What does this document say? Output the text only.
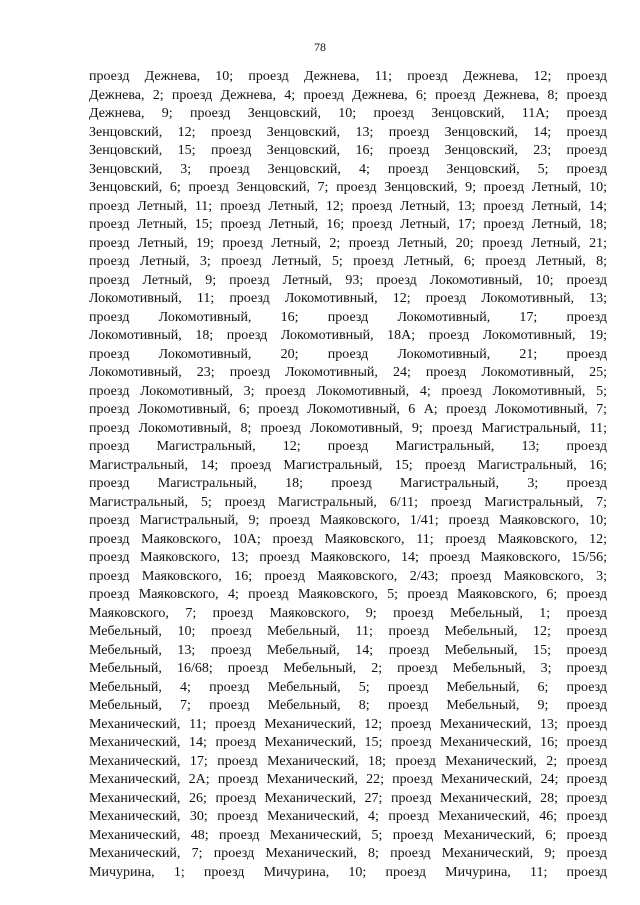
78
проезд Дежнева, 10; проезд Дежнева, 11; проезд Дежнева, 12; проезд
Дежнева, 2; проезд Дежнева, 4; проезд Дежнева, 6; проезд Дежнева, 8; проезд
Дежнева, 9; проезд Зенцовский, 10; проезд Зенцовский, 11А; проезд
Зенцовский, 12; проезд Зенцовский, 13; проезд Зенцовский, 14; проезд
Зенцовский, 15; проезд Зенцовский, 16; проезд Зенцовский, 23; проезд
Зенцовский, 3; проезд Зенцовский, 4; проезд Зенцовский, 5; проезд
Зенцовский, 6; проезд Зенцовский, 7; проезд Зенцовский, 9; проезд Летный, 10;
проезд Летный, 11; проезд Летный, 12; проезд Летный, 13; проезд Летный, 14;
проезд Летный, 15; проезд Летный, 16; проезд Летный, 17; проезд Летный, 18;
проезд Летный, 19; проезд Летный, 2; проезд Летный, 20; проезд Летный, 21;
проезд Летный, 3; проезд Летный, 5; проезд Летный, 6; проезд Летный, 8;
проезд Летный, 9; проезд Летный, 93; проезд Локомотивный, 10; проезд
Локомотивный, 11; проезд Локомотивный, 12; проезд Локомотивный, 13;
проезд Локомотивный, 16; проезд Локомотивный, 17; проезд
Локомотивный, 18; проезд Локомотивный, 18А; проезд Локомотивный, 19;
проезд Локомотивный, 20; проезд Локомотивный, 21; проезд
Локомотивный, 23; проезд Локомотивный, 24; проезд Локомотивный, 25;
проезд Локомотивный, 3; проезд Локомотивный, 4; проезд Локомотивный, 5;
проезд Локомотивный, 6; проезд Локомотивный, 6 А; проезд Локомотивный, 7;
проезд Локомотивный, 8; проезд Локомотивный, 9; проезд Магистральный, 11;
проезд Магистральный, 12; проезд Магистральный, 13; проезд
Магистральный, 14; проезд Магистральный, 15; проезд Магистральный, 16;
проезд Магистральный, 18; проезд Магистральный, 3; проезд
Магистральный, 5; проезд Магистральный, 6/11; проезд Магистральный, 7;
проезд Магистральный, 9; проезд Маяковского, 1/41; проезд Маяковского, 10;
проезд Маяковского, 10А; проезд Маяковского, 11; проезд Маяковского, 12;
проезд Маяковского, 13; проезд Маяковского, 14; проезд Маяковского, 15/56;
проезд Маяковского, 16; проезд Маяковского, 2/43; проезд Маяковского, 3;
проезд Маяковского, 4; проезд Маяковского, 5; проезд Маяковского, 6; проезд
Маяковского, 7; проезд Маяковского, 9; проезд Мебельный, 1; проезд
Мебельный, 10; проезд Мебельный, 11; проезд Мебельный, 12; проезд
Мебельный, 13; проезд Мебельный, 14; проезд Мебельный, 15; проезд
Мебельный, 16/68; проезд Мебельный, 2; проезд Мебельный, 3; проезд
Мебельный, 4; проезд Мебельный, 5; проезд Мебельный, 6; проезд
Мебельный, 7; проезд Мебельный, 8; проезд Мебельный, 9; проезд
Механический, 11; проезд Механический, 12; проезд Механический, 13; проезд
Механический, 14; проезд Механический, 15; проезд Механический, 16; проезд
Механический, 17; проезд Механический, 18; проезд Механический, 2; проезд
Механический, 2А; проезд Механический, 22; проезд Механический, 24; проезд
Механический, 26; проезд Механический, 27; проезд Механический, 28; проезд
Механический, 30; проезд Механический, 4; проезд Механический, 46; проезд
Механический, 48; проезд Механический, 5; проезд Механический, 6; проезд
Механический, 7; проезд Механический, 8; проезд Механический, 9; проезд
Мичурина, 1; проезд Мичурина, 10; проезд Мичурина, 11; проезд
